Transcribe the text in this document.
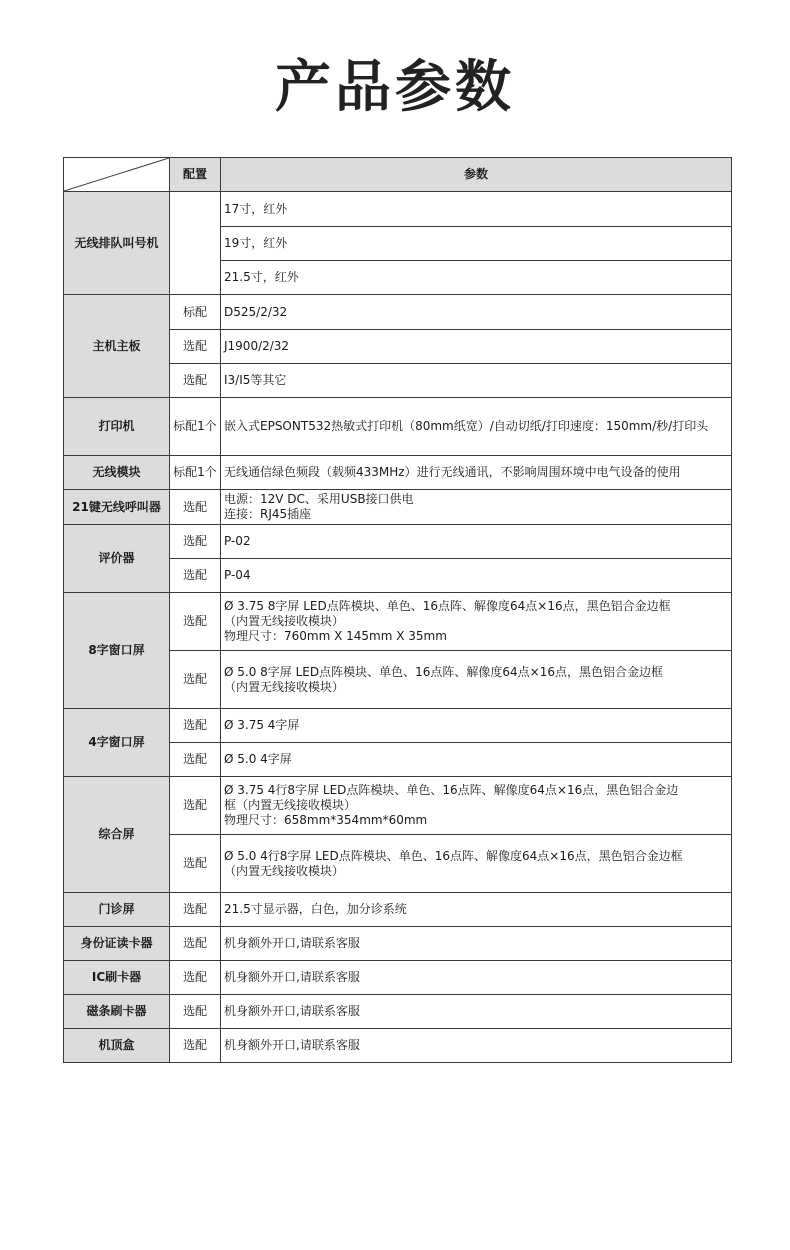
产品参数
	配置	参数
无线排队叫号机		17寸，红外

		19寸，红外

		21.5寸，红外

主机主板	标配	D525/2/32

	选配	J1900/2/32

	选配	I3/I5等其它

打印机	标配1个	嵌入式EPSONT532热敏式打印机（80mm纸宽）/自动切纸/打印速度：150mm/秒/打印头

无线模块	标配1个	无线通信绿色频段（载频433MHz）进行无线通讯，不影响周围环境中电气设备的使用

21键无线呼叫器	选配	电源：12V DC、采用USB接口供电
连接：RJ45插座

评价器	选配	P-02

	选配	P-04

8字窗口屏	选配	Ø 3.75 8字屏 LED点阵模块、单色、16点阵、解像度64点×16点，黑色铝合金边框
（内置无线接收模块）
物理尺寸：760mm X 145mm X 35mm

	选配	Ø 5.0 8字屏 LED点阵模块、单色、16点阵、解像度64点×16点，黑色铝合金边框
（内置无线接收模块）

4字窗口屏	选配	Ø 3.75 4字屏

	选配	Ø 5.0 4字屏

综合屏	选配	Ø 3.75 4行8字屏 LED点阵模块、单色、16点阵、解像度64点×16点，黑色铝合金边
框（内置无线接收模块）
物理尺寸：658mm*354mm*60mm

	选配	Ø 5.0 4行8字屏 LED点阵模块、单色、16点阵、解像度64点×16点，黑色铝合金边框
（内置无线接收模块）

门诊屏	选配	21.5寸显示器，白色，加分诊系统

身份证读卡器	选配	机身额外开口,请联系客服

IC刷卡器	选配	机身额外开口,请联系客服

磁条刷卡器	选配	机身额外开口,请联系客服

机顶盒	选配	机身额外开口,请联系客服
